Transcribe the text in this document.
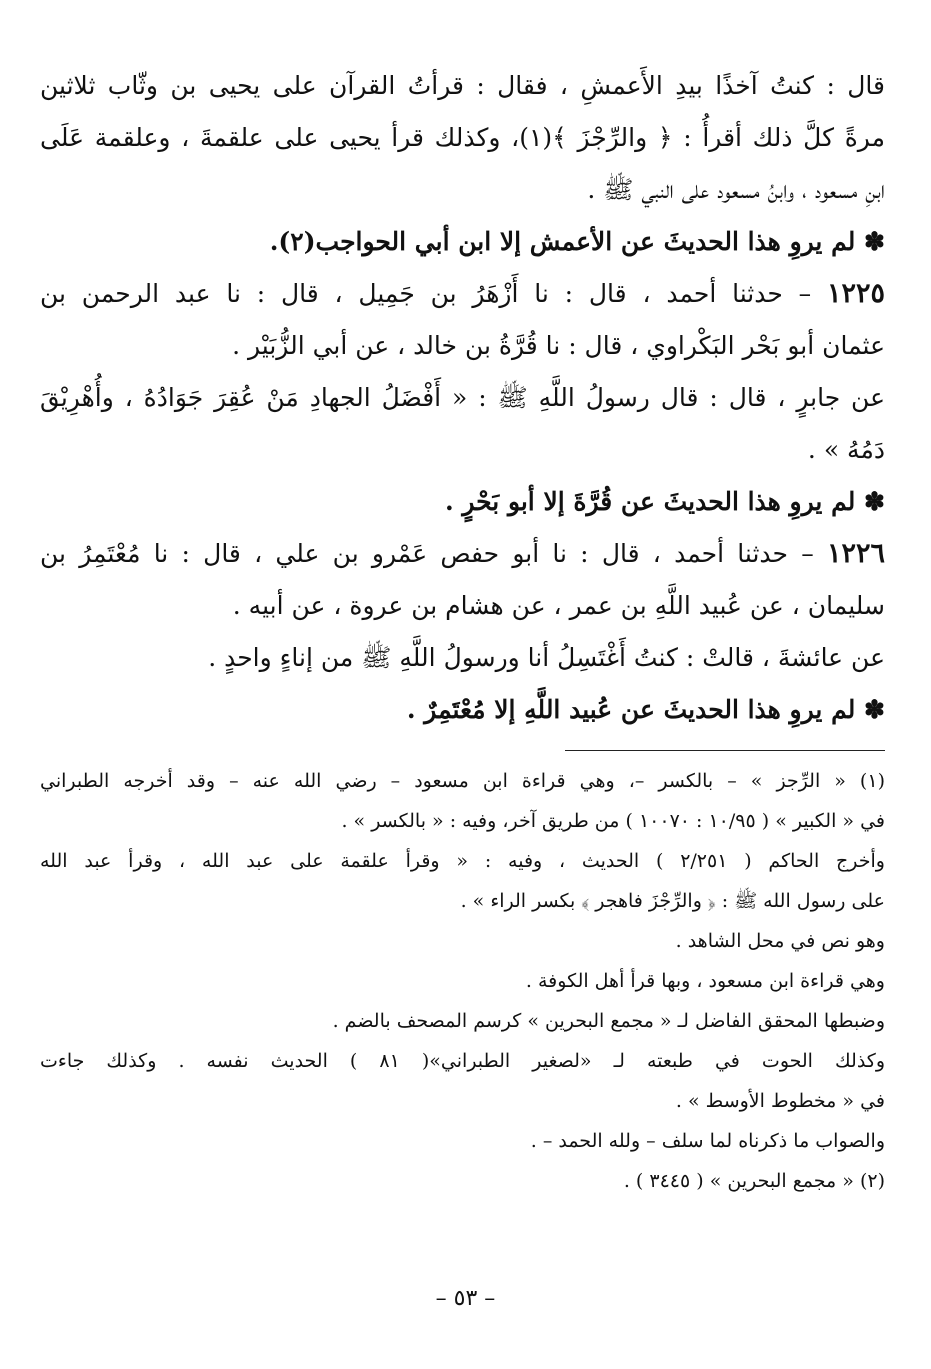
قال : كنتُ آخذًا بيدِ الأَعمشِ ، فقال : قرأتُ القرآن على يحيى بن وثّاب ثلاثين

مرةً كلَّ ذلك أقرأُ : ﴿ والرِّجْزَ ﴾(١)، وكذلك قرأ يحيى على علقمةَ ، وعلقمة عَلَى

ابنِ مسعود ، وابنُ مسعود على النبي ﷺ .

✽ لم يروِ هذا الحديثَ عن الأعمش إلا ابن أبي الحواجب(٢).

١٢٢٥ – حدثنا أحمد ، قال : نا أَزْهَرُ بن جَمِيل ، قال : نا عبد الرحمن بن

عثمان أبو بَحْر البَكْراوي ، قال : نا قُرَّةُ بن خالد ، عن أبي الزُّبَيْر .

عن جابرٍ ، قال : قال رسولُ اللَّهِ ﷺ : « أَفْضَلُ الجهادِ مَنْ عُقِرَ جَوَادُهُ ، وأُهْرِيْقَ

دَمُهُ » .

✽ لم يروِ هذا الحديثَ عن قُرَّةَ إلا أبو بَحْرٍ .

١٢٢٦ – حدثنا أحمد ، قال : نا أبو حفص عَمْرو بن علي ، قال : نا مُعْتَمِرُ بن

سليمان ، عن عُبيد اللَّهِ بن عمر ، عن هشام بن عروة ، عن أبيه .

عن عائشةَ ، قالتْ : كنتُ أَغْتَسِلُ أنا ورسولُ اللَّهِ ﷺ من إناءٍ واحدٍ .

✽ لم يروِ هذا الحديثَ عن عُبيد اللَّهِ إلا مُعْتَمِرٌ .

(١) « الرِّجز » – بالكسر –، وهي قراءة ابن مسعود – رضي الله عنه – وقد أخرجه الطبراني

في « الكبير » ( ١٠/٩٥ : ١٠٠٧٠ ) من طريق آخر، وفيه : « بالكسر » .

وأخرج الحاكم ( ٢/٢٥١ ) الحديث ، وفيه : « وقرأ علقمة على عبد الله ، وقرأ عبد الله

على رسول الله ﷺ : ﴿ والرِّجْزَ فاهجر ﴾ بكسر الراء » .

وهو نص في محل الشاهد .

وهي قراءة ابن مسعود ، وبها قرأ أهل الكوفة .

وضبطها المحقق الفاضل لـ « مجمع البحرين » كرسم المصحف بالضم .

وكذلك الحوت في طبعته لـ «لصغير الطبراني»( ٨١ ) الحديث نفسه . وكذلك جاءت

في « مخطوط الأوسط » .

والصواب ما ذكرناه لما سلف – ولله الحمد – .

(٢) « مجمع البحرين » ( ٣٤٤٥ ) .

– ٥٣ –
